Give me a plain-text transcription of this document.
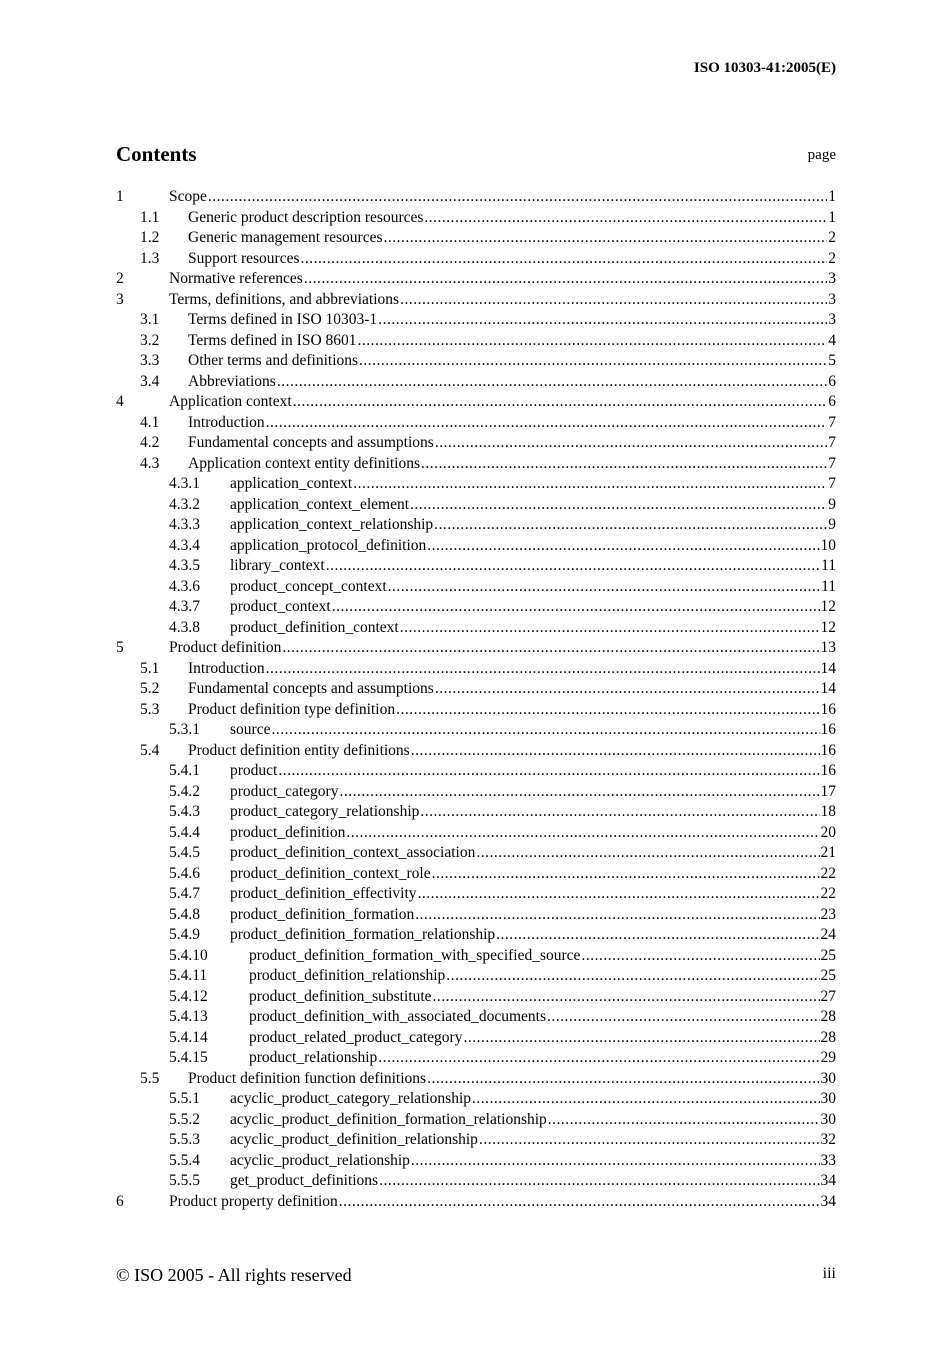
ISO 10303-41:2005(E)
Contents	page
1	Scope .....	1
1.1	Generic product description resources .....	1
1.2	Generic management resources .....	2
1.3	Support resources .....	2
2	Normative references .....	3
3	Terms, definitions, and abbreviations .....	3
3.1	Terms defined in ISO 10303-1 .....	3
3.2	Terms defined in ISO 8601 .....	4
3.3	Other terms and definitions .....	5
3.4	Abbreviations .....	6
4	Application context .....	6
4.1	Introduction .....	7
4.2	Fundamental concepts and assumptions .....	7
4.3	Application context entity definitions .....	7
4.3.1	application_context .....	7
4.3.2	application_context_element .....	9
4.3.3	application_context_relationship .....	9
4.3.4	application_protocol_definition .....	10
4.3.5	library_context .....	11
4.3.6	product_concept_context .....	11
4.3.7	product_context .....	12
4.3.8	product_definition_context .....	12
5	Product definition .....	13
5.1	Introduction .....	14
5.2	Fundamental concepts and assumptions .....	14
5.3	Product definition type definition .....	16
5.3.1	source .....	16
5.4	Product definition entity definitions .....	16
5.4.1	product .....	16
5.4.2	product_category .....	17
5.4.3	product_category_relationship .....	18
5.4.4	product_definition .....	20
5.4.5	product_definition_context_association .....	21
5.4.6	product_definition_context_role .....	22
5.4.7	product_definition_effectivity .....	22
5.4.8	product_definition_formation .....	23
5.4.9	product_definition_formation_relationship .....	24
5.4.10	product_definition_formation_with_specified_source .....	25
5.4.11	product_definition_relationship .....	25
5.4.12	product_definition_substitute .....	27
5.4.13	product_definition_with_associated_documents .....	28
5.4.14	product_related_product_category .....	28
5.4.15	product_relationship .....	29
5.5	Product definition function definitions .....	30
5.5.1	acyclic_product_category_relationship .....	30
5.5.2	acyclic_product_definition_formation_relationship .....	30
5.5.3	acyclic_product_definition_relationship .....	32
5.5.4	acyclic_product_relationship .....	33
5.5.5	get_product_definitions .....	34
6	Product property definition .....	34
© ISO 2005 - All rights reserved	iii
